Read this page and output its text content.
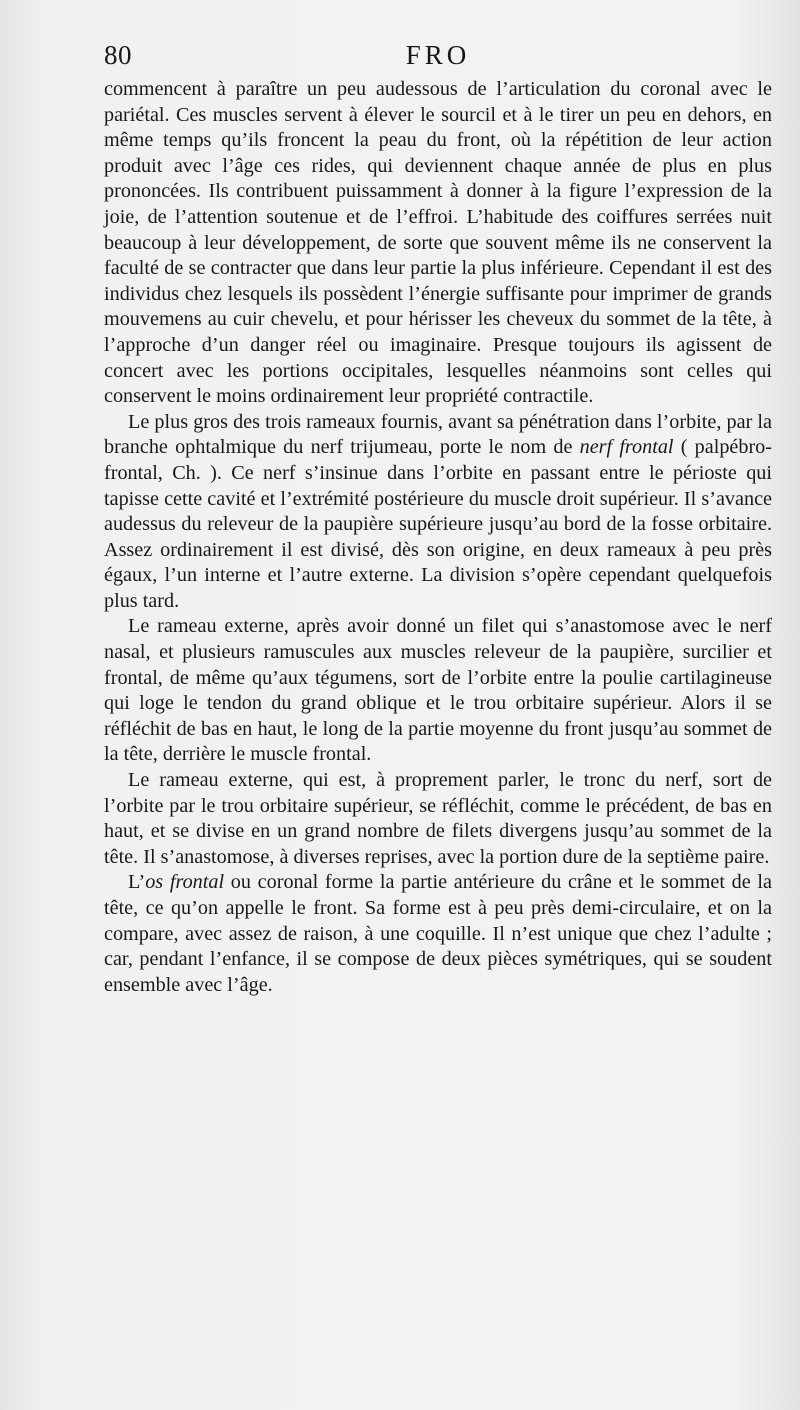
80	FRO

commencent à paraître un peu audessous de l’articulation du coronal avec le pariétal. Ces muscles servent à élever le sourcil et à le tirer un peu en dehors, en même temps qu’ils froncent la peau du front, où la répétition de leur action produit avec l’âge ces rides, qui deviennent chaque année de plus en plus prononcées. Ils contribuent puissamment à donner à la figure l’expression de la joie, de l’attention soutenue et de l’effroi. L’habitude des coiffures serrées nuit beaucoup à leur développement, de sorte que souvent même ils ne conservent la faculté de se contracter que dans leur partie la plus inférieure. Cependant il est des individus chez lesquels ils possèdent l’énergie suffisante pour imprimer de grands mouvemens au cuir chevelu, et pour hérisser les cheveux du sommet de la tête, à l’approche d’un danger réel ou imaginaire. Presque toujours ils agissent de concert avec les portions occipitales, lesquelles néanmoins sont celles qui conservent le moins ordinairement leur propriété contractile.

Le plus gros des trois rameaux fournis, avant sa pénétration dans l’orbite, par la branche ophtalmique du nerf trijumeau, porte le nom de nerf frontal ( palpébro-frontal, Ch. ). Ce nerf s’insinue dans l’orbite en passant entre le périoste qui tapisse cette cavité et l’extrémité postérieure du muscle droit supérieur. Il s’avance audessus du releveur de la paupière supérieure jusqu’au bord de la fosse orbitaire. Assez ordinairement il est divisé, dès son origine, en deux rameaux à peu près égaux, l’un interne et l’autre externe. La division s’opère cependant quelquefois plus tard.

Le rameau externe, après avoir donné un filet qui s’anastomose avec le nerf nasal, et plusieurs ramuscules aux muscles releveur de la paupière, surcilier et frontal, de même qu’aux tégumens, sort de l’orbite entre la poulie cartilagineuse qui loge le tendon du grand oblique et le trou orbitaire supérieur. Alors il se réfléchit de bas en haut, le long de la partie moyenne du front jusqu’au sommet de la tête, derrière le muscle frontal.

Le rameau externe, qui est, à proprement parler, le tronc du nerf, sort de l’orbite par le trou orbitaire supérieur, se réfléchit, comme le précédent, de bas en haut, et se divise en un grand nombre de filets divergens jusqu’au sommet de la tête. Il s’anastomose, à diverses reprises, avec la portion dure de la septième paire.

L’os frontal ou coronal forme la partie antérieure du crâne et le sommet de la tête, ce qu’on appelle le front. Sa forme est à peu près demi-circulaire, et on la compare, avec assez de raison, à une coquille. Il n’est unique que chez l’adulte ; car, pendant l’enfance, il se compose de deux pièces symétriques, qui se soudent ensemble avec l’âge.
